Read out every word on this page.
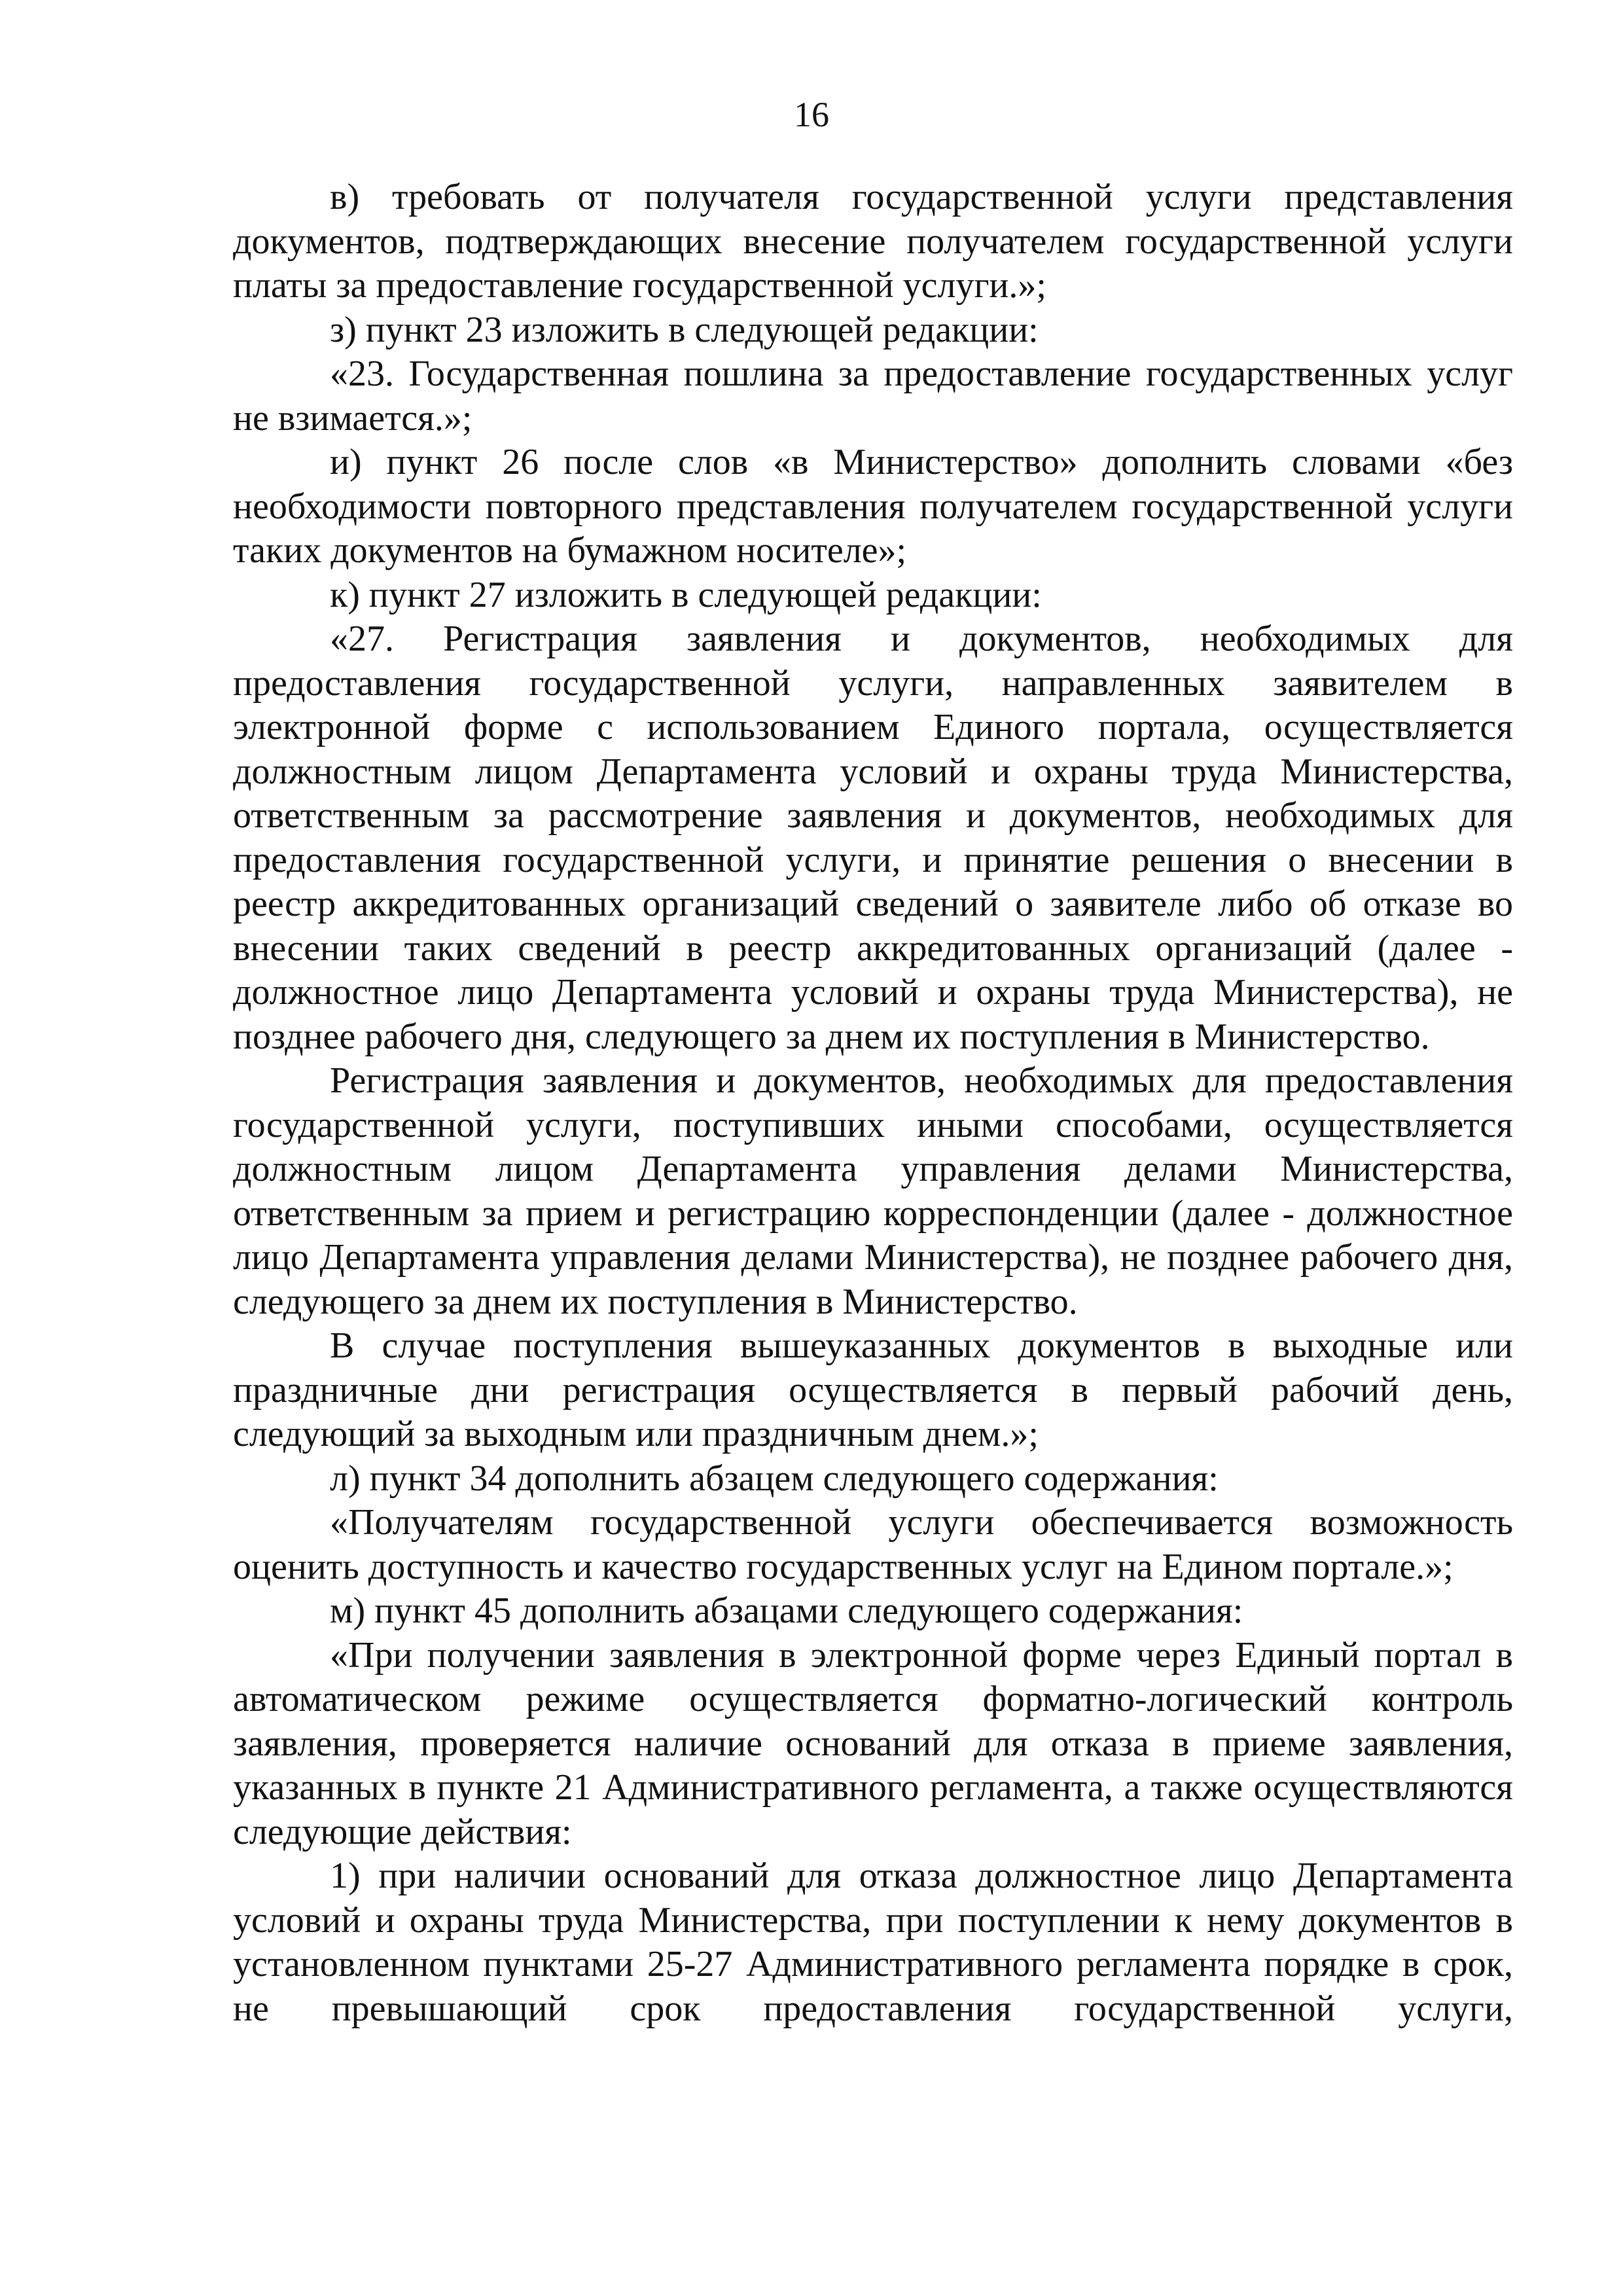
16

в) требовать от получателя государственной услуги представления документов, подтверждающих внесение получателем государственной услуги платы за предоставление государственной услуги.»;

з) пункт 23 изложить в следующей редакции:

«23. Государственная пошлина за предоставление государственных услуг не взимается.»;

и) пункт 26 после слов «в Министерство» дополнить словами «без необходимости повторного представления получателем государственной услуги таких документов на бумажном носителе»;

к) пункт 27 изложить в следующей редакции:

«27. Регистрация заявления и документов, необходимых для предоставления государственной услуги, направленных заявителем в электронной форме с использованием Единого портала, осуществляется должностным лицом Департамента условий и охраны труда Министерства, ответственным за рассмотрение заявления и документов, необходимых для предоставления государственной услуги, и принятие решения о внесении в реестр аккредитованных организаций сведений о заявителе либо об отказе во внесении таких сведений в реестр аккредитованных организаций (далее - должностное лицо Департамента условий и охраны труда Министерства), не позднее рабочего дня, следующего за днем их поступления в Министерство.

Регистрация заявления и документов, необходимых для предоставления государственной услуги, поступивших иными способами, осуществляется должностным лицом Департамента управления делами Министерства, ответственным за прием и регистрацию корреспонденции (далее - должностное лицо Департамента управления делами Министерства), не позднее рабочего дня, следующего за днем их поступления в Министерство.

В случае поступления вышеуказанных документов в выходные или праздничные дни регистрация осуществляется в первый рабочий день, следующий за выходным или праздничным днем.»;

л) пункт 34 дополнить абзацем следующего содержания:

«Получателям государственной услуги обеспечивается возможность оценить доступность и качество государственных услуг на Едином портале.»;

м) пункт 45 дополнить абзацами следующего содержания:

«При получении заявления в электронной форме через Единый портал в автоматическом режиме осуществляется форматно-логический контроль заявления, проверяется наличие оснований для отказа в приеме заявления, указанных в пункте 21 Административного регламента, а также осуществляются следующие действия:

1) при наличии оснований для отказа должностное лицо Департамента условий и охраны труда Министерства, при поступлении к нему документов в установленном пунктами 25-27 Административного регламента порядке в срок, не превышающий срок предоставления государственной услуги,
